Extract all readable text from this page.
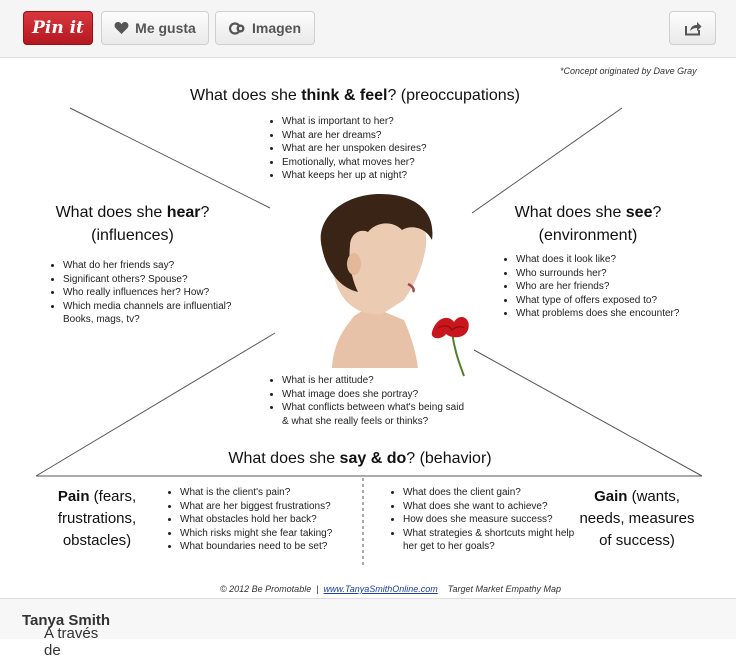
Pin it	Me gusta	Imagen
*Concept originated by Dave Gray
What does she think & feel? (preoccupations)
• What is important to her?
• What are her dreams?
• What are her unspoken desires?
• Emotionally, what moves her?
• What keeps her up at night?
What does she hear?
(influences)
• What do her friends say?
• Significant others? Spouse?
• Who really influences her? How?
• Which media channels are influential? Books, mags, tv?
What does she see?
(environment)
• What does it look like?
• Who surrounds her?
• Who are her friends?
• What type of offers exposed to?
• What problems does she encounter?
• What is her attitude?
• What image does she portray?
• What conflicts between what's being said & what she really feels or thinks?
What does she say & do? (behavior)
Pain (fears,
frustrations,
obstacles)
• What is the client's pain?
• What are her biggest frustrations?
• What obstacles hold her back?
• Which risks might she fear taking?
• What boundaries need to be set?
• What does the client gain?
• What does she want to achieve?
• How does she measure success?
• What strategies & shortcuts might help her get to her goals?
Gain (wants,
needs, measures
of success)

© 2012 Be Promotable  |  www.TanyaSmithOnline.com    Target Market Empathy Map

A través de
Tanya Smith
